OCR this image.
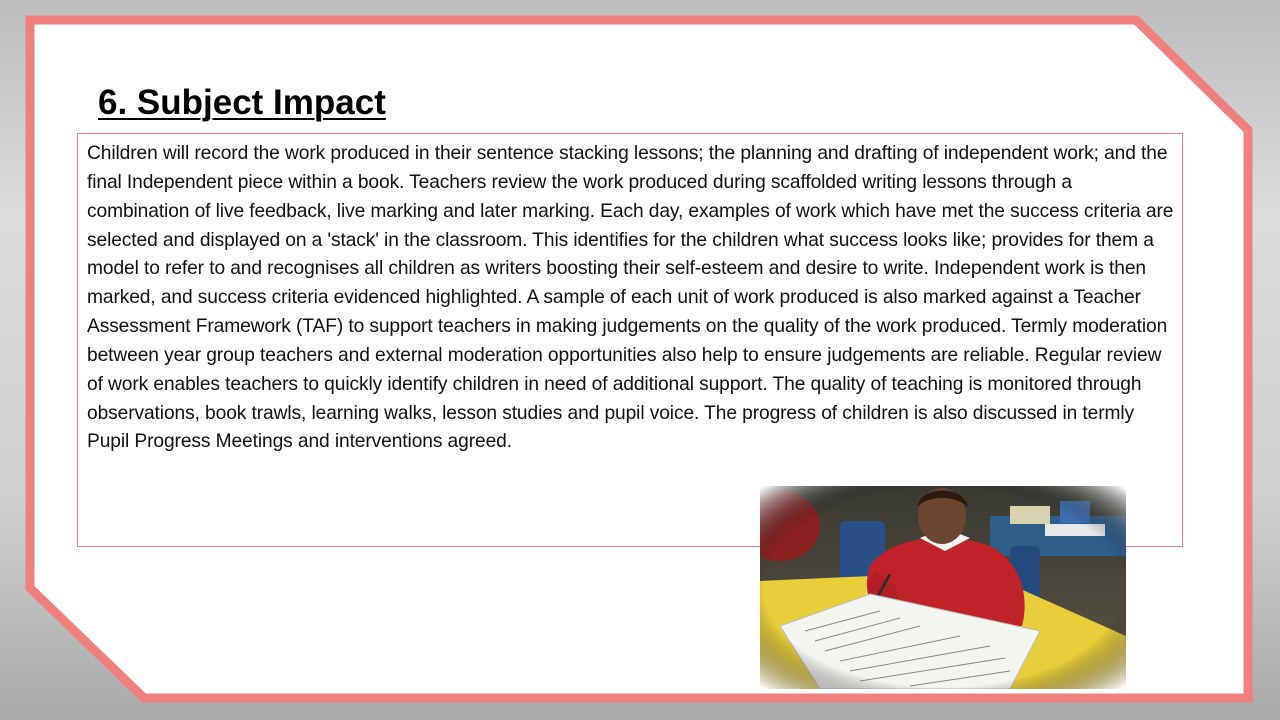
6. Subject Impact

Children will record the work produced in their sentence stacking lessons; the planning and drafting of independent work; and the final Independent piece within a book. Teachers review the work produced during scaffolded writing lessons through a combination of live feedback, live marking and later marking. Each day, examples of work which have met the success criteria are selected and displayed on a 'stack' in the classroom. This identifies for the children what success looks like; provides for them a model to refer to and recognises all children as writers boosting their self-esteem and desire to write. Independent work is then marked, and success criteria evidenced highlighted. A sample of each unit of work produced is also marked against a Teacher Assessment Framework (TAF) to support teachers in making judgements on the quality of the work produced. Termly moderation between year group teachers and external moderation opportunities also help to ensure judgements are reliable. Regular review of work enables teachers to quickly identify children in need of additional support. The quality of teaching is monitored through observations, book trawls, learning walks, lesson studies and pupil voice. The progress of children is also discussed in termly Pupil Progress Meetings and interventions agreed.
